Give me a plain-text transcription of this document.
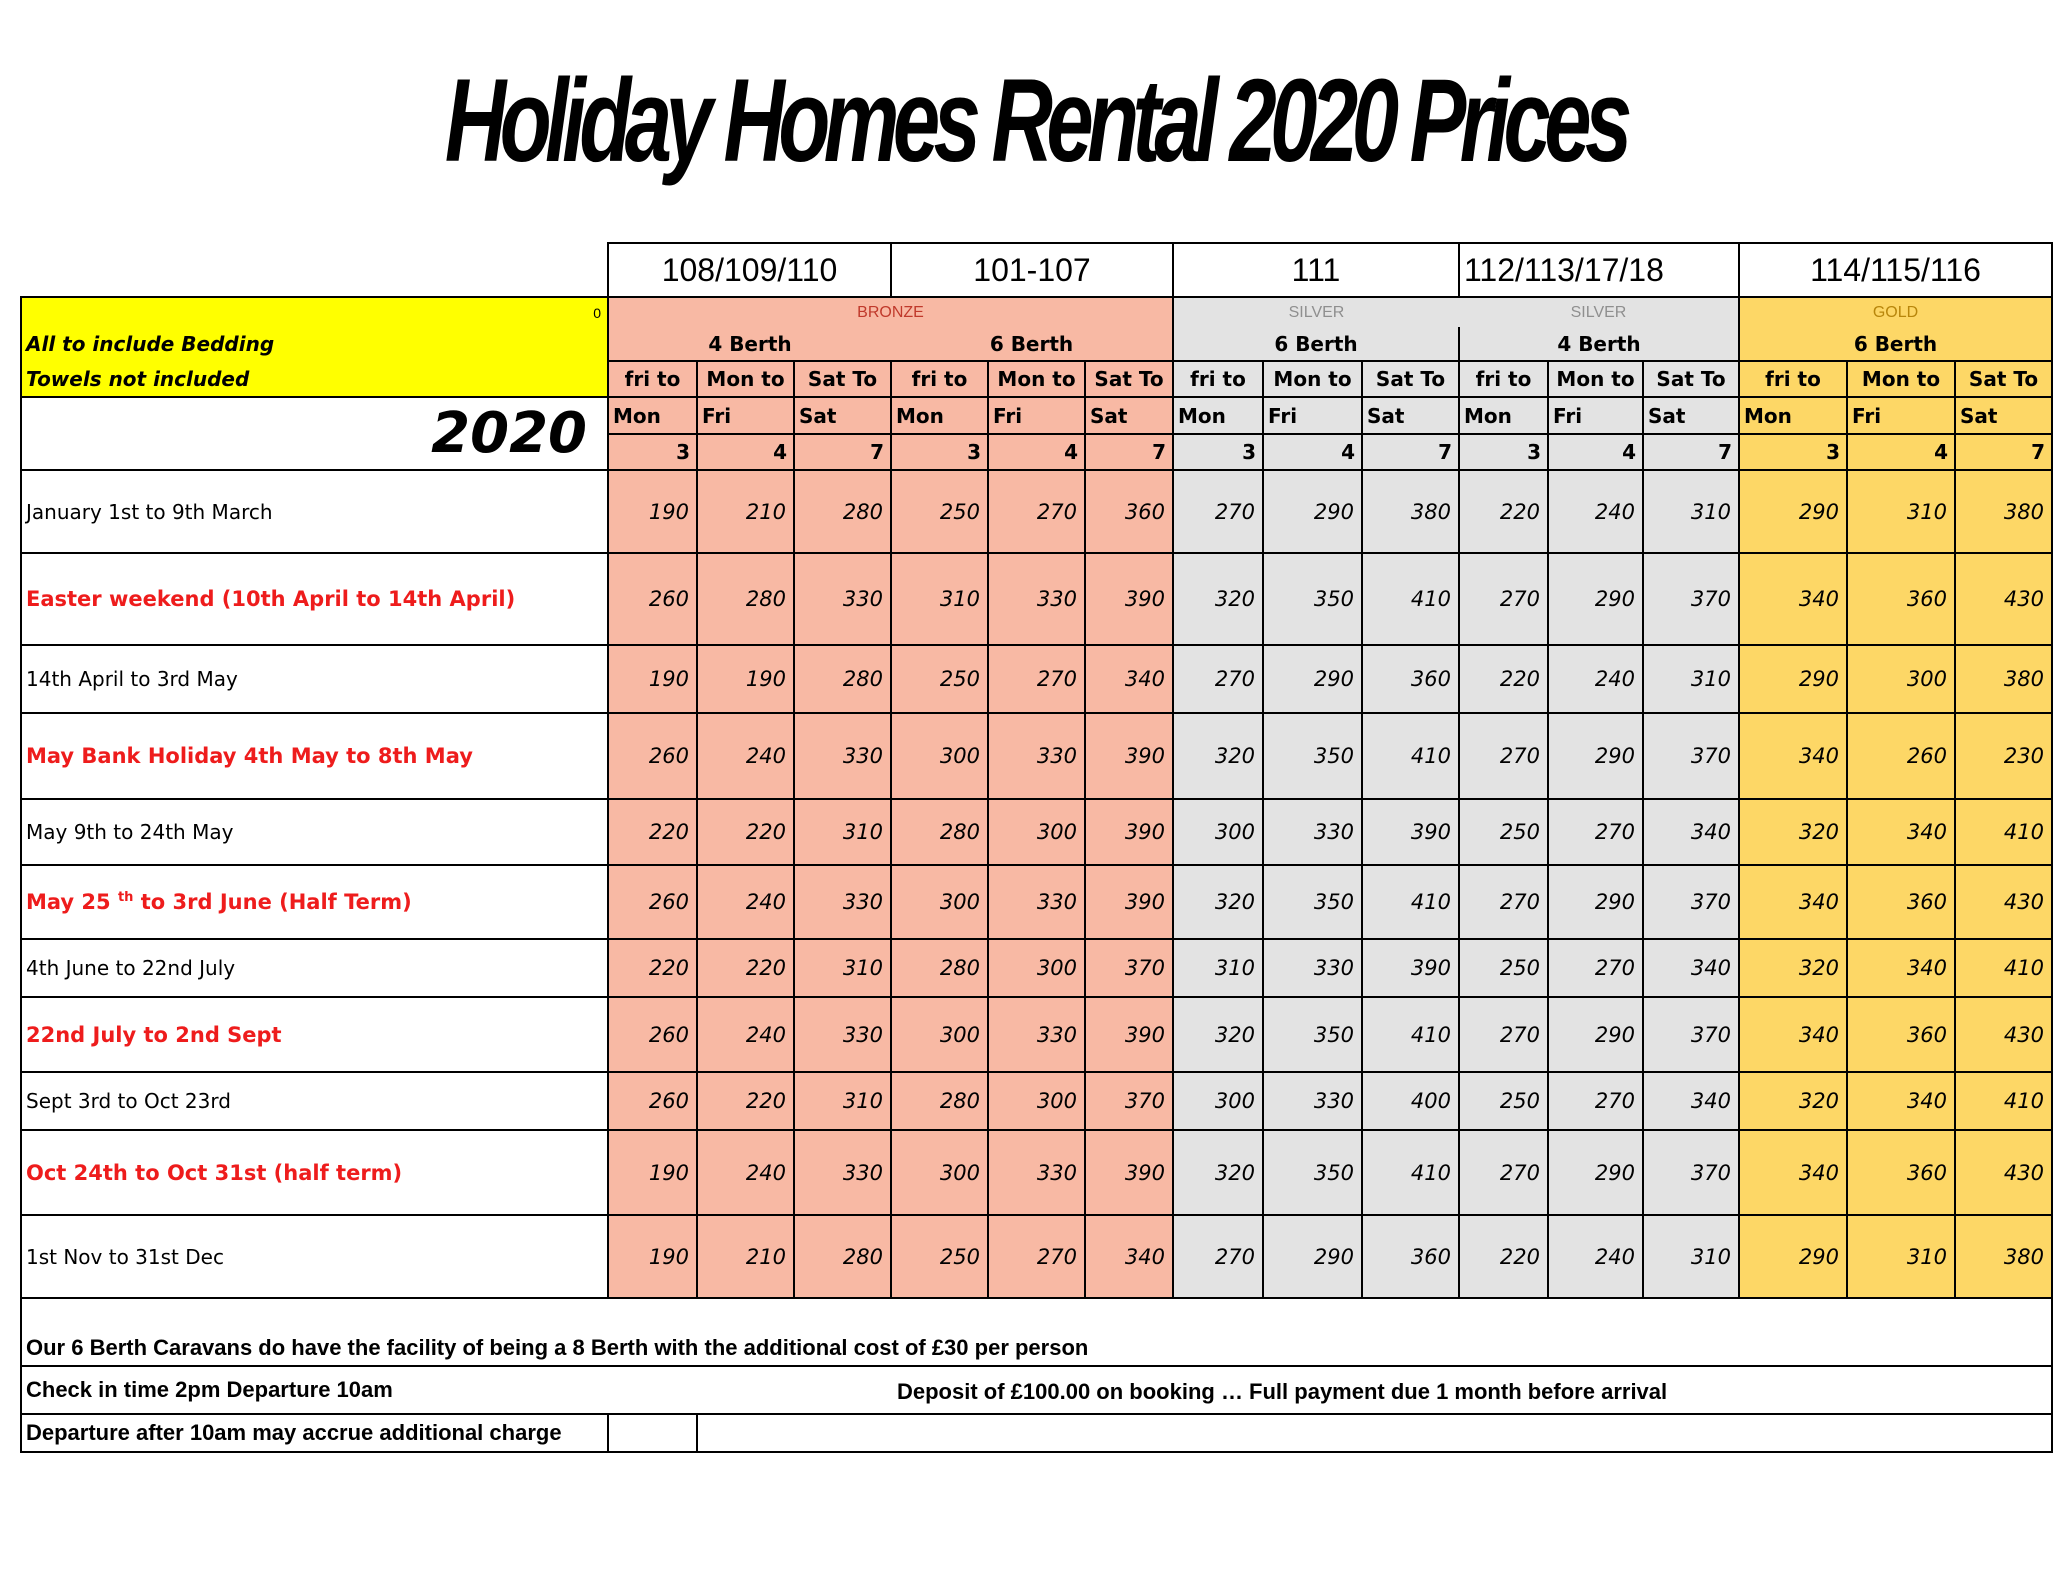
Holiday Homes Rental 2020 Prices
	108/109/110			101-107			111			112/113/17/18			114/115/116		
0	BRONZE						SILVER			SILVER			GOLD		
All to include Bedding	4 Berth			6 Berth			6 Berth			4 Berth			6 Berth		
Towels not included	fri to	Mon to	Sat To	fri to	Mon to	Sat To	fri to	Mon to	Sat To	fri to	Mon to	Sat To	fri to	Mon to	Sat To
2020	Mon	Fri	Sat	Mon	Fri	Sat	Mon	Fri	Sat	Mon	Fri	Sat	Mon	Fri	Sat
	3	4	7	3	4	7	3	4	7	3	4	7	3	4	7
January 1st to 9th March	190	210	280	250	270	360	270	290	380	220	240	310	290	310	380
Easter weekend (10th April to 14th April)	260	280	330	310	330	390	320	350	410	270	290	370	340	360	430
14th April to 3rd May	190	190	280	250	270	340	270	290	360	220	240	310	290	300	380
May Bank Holiday 4th May to 8th May	260	240	330	300	330	390	320	350	410	270	290	370	340	260	230
May 9th to 24th May	220	220	310	280	300	390	300	330	390	250	270	340	320	340	410
May 25 $^{th}$ to 3rd June (Half Term)	260	240	330	300	330	390	320	350	410	270	290	370	340	360	430
4th June to 22nd July	220	220	310	280	300	370	310	330	390	250	270	340	320	340	410
22nd July to 2nd Sept	260	240	330	300	330	390	320	350	410	270	290	370	340	360	430
Sept 3rd to Oct 23rd	260	220	310	280	300	370	300	330	400	250	270	340	320	340	410
Oct 24th to Oct 31st (half term)	190	240	330	300	330	390	320	350	410	270	290	370	340	360	430
1st Nov to 31st Dec	190	210	280	250	270	340	270	290	360	220	240	310	290	310	380
Our 6 Berth Caravans do have the facility of being a 8 Berth with the additional cost of £30 per person															
Check in time 2pm Departure 10am Deposit of £100.00 on booking … Full payment due 1 month before arrival															

Departure after 10am may accrue additional charge															
